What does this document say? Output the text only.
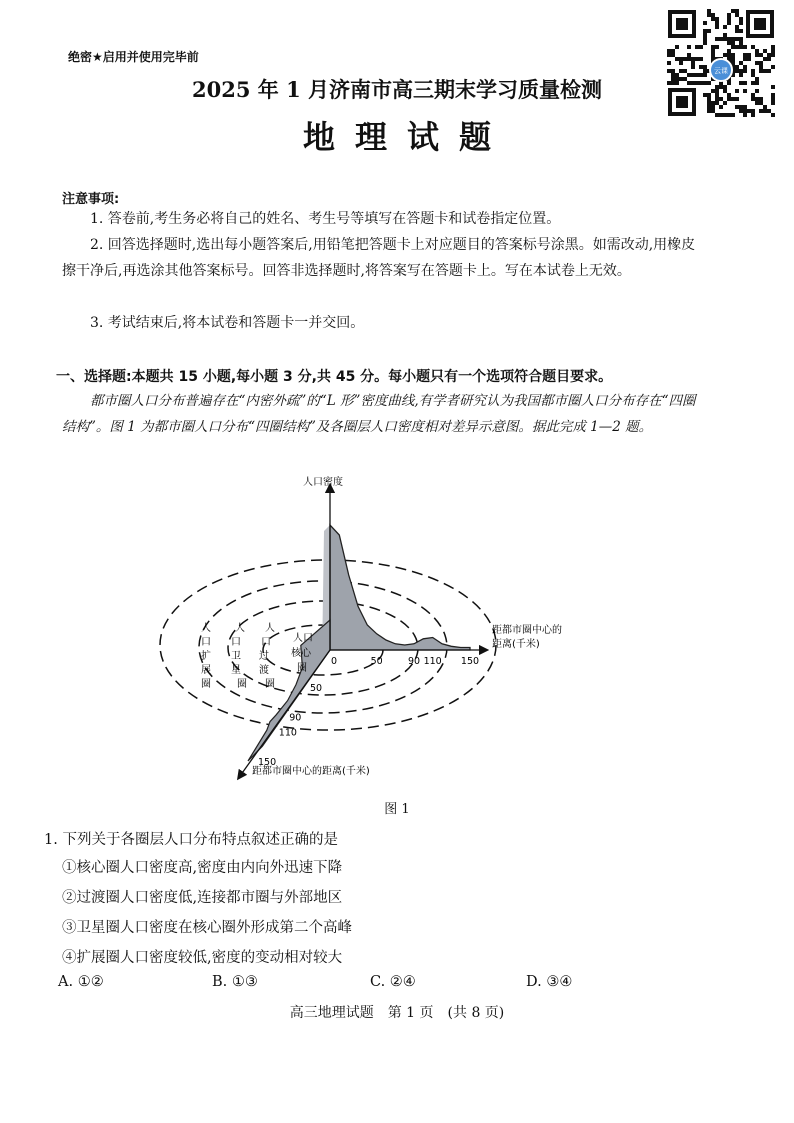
云课
绝密★启用并使用完毕前
2025 年 1 月济南市高三期末学习质量检测
地理试题
注意事项:
1. 答卷前,考生务必将自己的姓名、考生号等填写在答题卡和试卷指定位置。
2. 回答选择题时,选出每小题答案后,用铅笔把答题卡上对应题目的答案标号涂黑。如需改动,用橡皮擦干净后,再选涂其他答案标号。回答非选择题时,将答案写在答题卡上。写在本试卷上无效。
3. 考试结束后,将本试卷和答题卡一并交回。
一、选择题:本题共 15 小题,每小题 3 分,共 45 分。每小题只有一个选项符合题目要求。
都市圈人口分布普遍存在“内密外疏”的“L 形”密度曲线,有学者研究认为我国都市圈人口分布存在“四圈结构”。图 1 为都市圈人口分布“四圈结构”及各圈层人口密度相对差异示意图。据此完成 1—2 题。
人口密度
距都市圈中心的
距离(千米)
距都市圈中心的距离(千米)
0	50	90 110 150
50
90
110
150
人
口
扩
展
圈
人
口
卫
星
圈
人
口
过
渡
圈
人口
核心
圈
图 1
1. 下列关于各圈层人口分布特点叙述正确的是
①核心圈人口密度高,密度由内向外迅速下降
②过渡圈人口密度低,连接都市圈与外部地区
③卫星圈人口密度在核心圈外形成第二个高峰
④扩展圈人口密度较低,密度的变动相对较大
A. ①②	B. ①③	C. ②④	D. ③④
高三地理试题　第 1 页　(共 8 页)
